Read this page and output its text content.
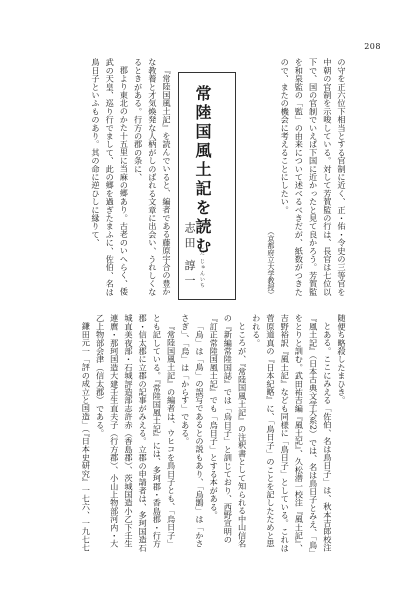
208
の守を正六位下相当とする官制に近く、正・佑・令史の三等官を中朝の官制を示唆している。対して芳賀監の行は、長官は七位以下で、国の官制でいえば下国に近かったと見て良かろう。芳賀監を和泉監の「監」の由来について述べるべきだが、紙数がつきたので、またの機会に考えることにしたい。
（京都府立大学教授）
常陸国風土記を読む
志田 諄一 しだ じゅんいち
『常陸国風土記』を読んでいると、編者である藤原宇合の豊かな教養と才気煥発な人柄がしのばれる文章に出会い、うれしくなるときがある。行方の郡の条に、
郡より東北のかた十五里に当麻の郷あり。古老のいへらく、倭武の天皇、巡り行でまして、此の郷を過ぎたまふに、佐伯、名は鳥日子といふものあり。其の命に逆ひしに縁りて、
随便ち略殺したまひき。
とある。ここにみえる「佐伯、名は鳥日子」は、秋本吉郎校注『風土記』（日本古典文学大系2）では、名は鳥日子とみえ、「鳥」をとりと訓む。武田祐吉編『風土記』、久松潜一校注『風土記』、吉野裕訳『風土記』なども同様に「鳥日子」としている。これは菅原道真の『日本紀略』に、「鳥日子」のことを記したためと思われる。
ところが、『常陸国風土記』の注釈書として知られる中山信名の『新編常陸国誌』では「烏日子」と訓じており、西野宣明の『訂正常陸国風土記』でも「烏日子」とする本がある。
「烏」は「鳥」の誤写であるとの説もあり、「烏鵲」は「かささぎ」、「烏」は「からす」である。
『常陸国風土記』の編者は、ウヒコを鳥日子とも、「烏日子」とも記している。『常陸国風土記』には、多珂郡・香島郡・行方郡・信太郡に立郡の記事がみえる。立郡の申請者は、多珂国造石城直美夜部・石城評造部志許赤（香島郡）、茨城国造小乙下壬生連麿・那珂国造大建壬生直夫子（行方郡）、小山上物部河内・大乙上物部会津（信太郡）である。
鎌田元一「評の成立と国造」（『日本史研究』一七六、一九七七
